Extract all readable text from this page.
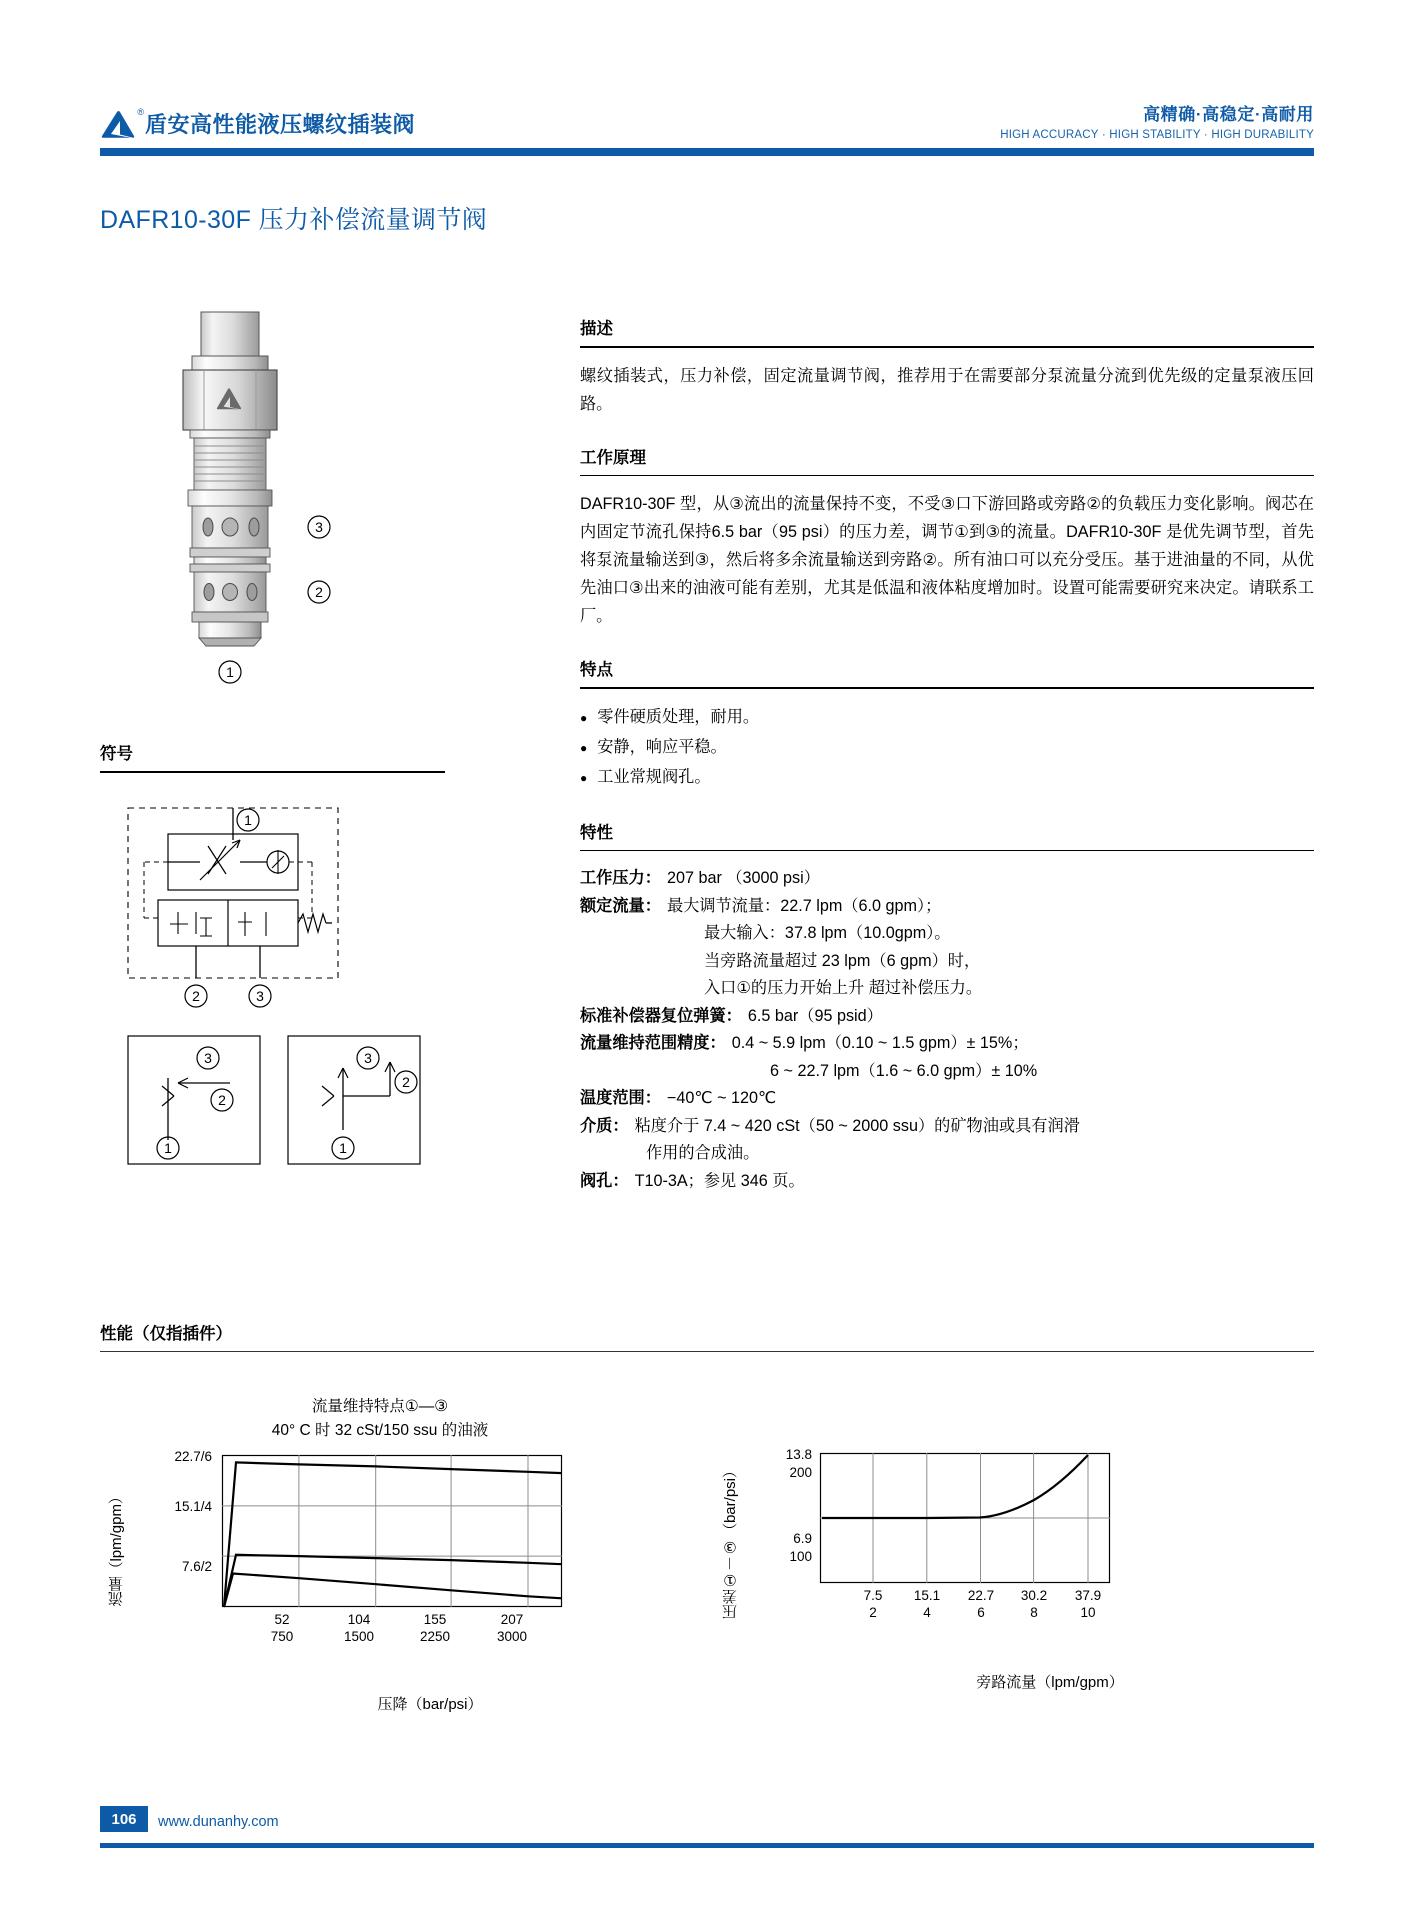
®
盾安高性能液压螺纹插装阀	高精确·高稳定·高耐用
HIGH ACCURACY · HIGH STABILITY · HIGH DURABILITY
DAFR10-30F 压力补偿流量调节阀
3
2
1
符号
1
2	3
3
2
1
3
2
1
描述

螺纹插装式，压力补偿，固定流量调节阀，推荐用于在需要部分泵流量分流到优先级的定量泵液压回路。

工作原理

DAFR10-30F 型，从③流出的流量保持不变，不受③口下游回路或旁路②的负载压力变化影响。阀芯在内固定节流孔保持6.5 bar（95 psi）的压力差，调节①到③的流量。DAFR10-30F 是优先调节型，首先将泵流量输送到③，然后将多余流量输送到旁路②。所有油口可以充分受压。基于进油量的不同，从优先油口③出来的油液可能有差别，尤其是低温和液体粘度增加时。设置可能需要研究来决定。请联系工厂。

特点
● 零件硬质处理，耐用。
● 安静，响应平稳。
● 工业常规阀孔。
特性
工作压力： 207 bar （3000 psi）
额定流量： 最大调节流量：22.7 lpm（6.0 gpm）；
最大输入：37.8 lpm（10.0gpm）。
当旁路流量超过 23 lpm（6 gpm）时，
入口①的压力开始上升 超过补偿压力。
标准补偿器复位弹簧： 6.5 bar（95 psid）
流量维持范围精度： 0.4 ~ 5.9 lpm（0.10 ~ 1.5 gpm）± 15%；
6 ~ 22.7 lpm（1.6 ~ 6.0 gpm）± 10%
温度范围： −40℃ ~ 120℃
介质： 粘度介于 7.4 ~ 420 cSt（50 ~ 2000 ssu）的矿物油或具有润滑
作用的合成油。
阀孔： T10-3A；参见 346 页。
性能（仅指插件）
流量维持特点①—③
40° C 时 32 cSt/150 ssu 的油液
流量（lpm/gpm）
22.7/6
15.1/4
7.6/2
52	104	155	207
750	1500	2250	3000
压降（bar/psi）
压差①－③（bar/psi）
13.8
200
6.9
100
7.5	15.1	22.7	30.2	37.9
2	4	6	8	10
旁路流量（lpm/gpm）
106	www.dunanhy.com
